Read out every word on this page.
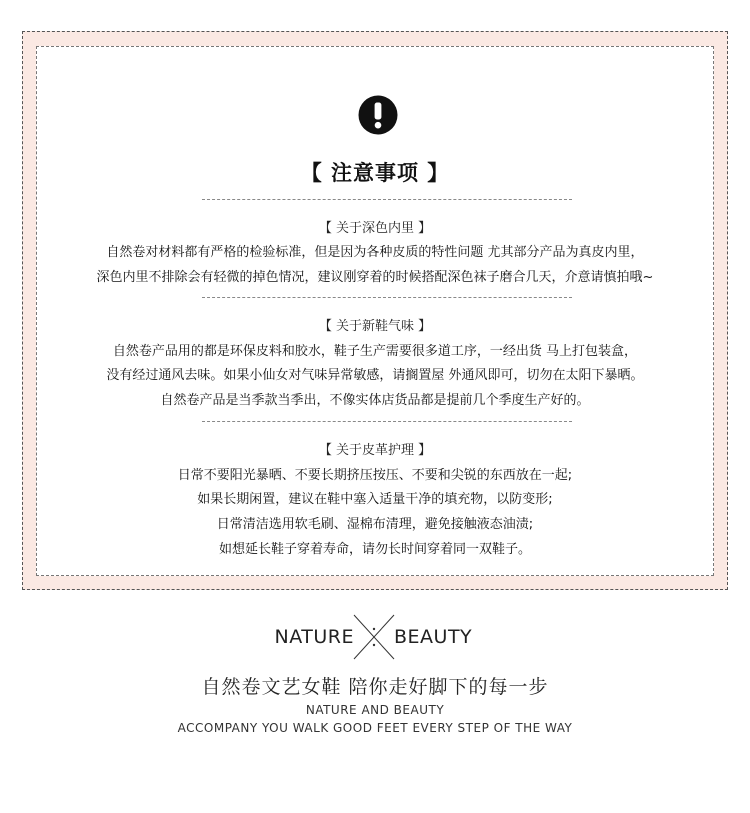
【 注意事项 】
【 关于深色内里 】
自然卷对材料都有严格的检验标准，但是因为各种皮质的特性问题 尤其部分产品为真皮内里，
深色内里不排除会有轻微的掉色情况，建议刚穿着的时候搭配深色袜子磨合几天，介意请慎拍哦~
【 关于新鞋气味 】
自然卷产品用的都是环保皮料和胶水，鞋子生产需要很多道工序，一经出货 马上打包装盒，
没有经过通风去味。如果小仙女对气味异常敏感，请搁置屋 外通风即可，切勿在太阳下暴晒。
自然卷产品是当季款当季出，不像实体店货品都是提前几个季度生产好的。
【 关于皮革护理 】
日常不要阳光暴晒、不要长期挤压按压、不要和尖锐的东西放在一起;
如果长期闲置，建议在鞋中塞入适量干净的填充物，以防变形;
日常清洁选用软毛刷、湿棉布清理，避免接触液态油渍;
如想延长鞋子穿着寿命，请勿长时间穿着同一双鞋子。
NATURE BEAUTY
自然卷文艺女鞋 陪你走好脚下的每一步
NATURE AND BEAUTY
ACCOMPANY YOU WALK GOOD FEET EVERY STEP OF THE WAY
